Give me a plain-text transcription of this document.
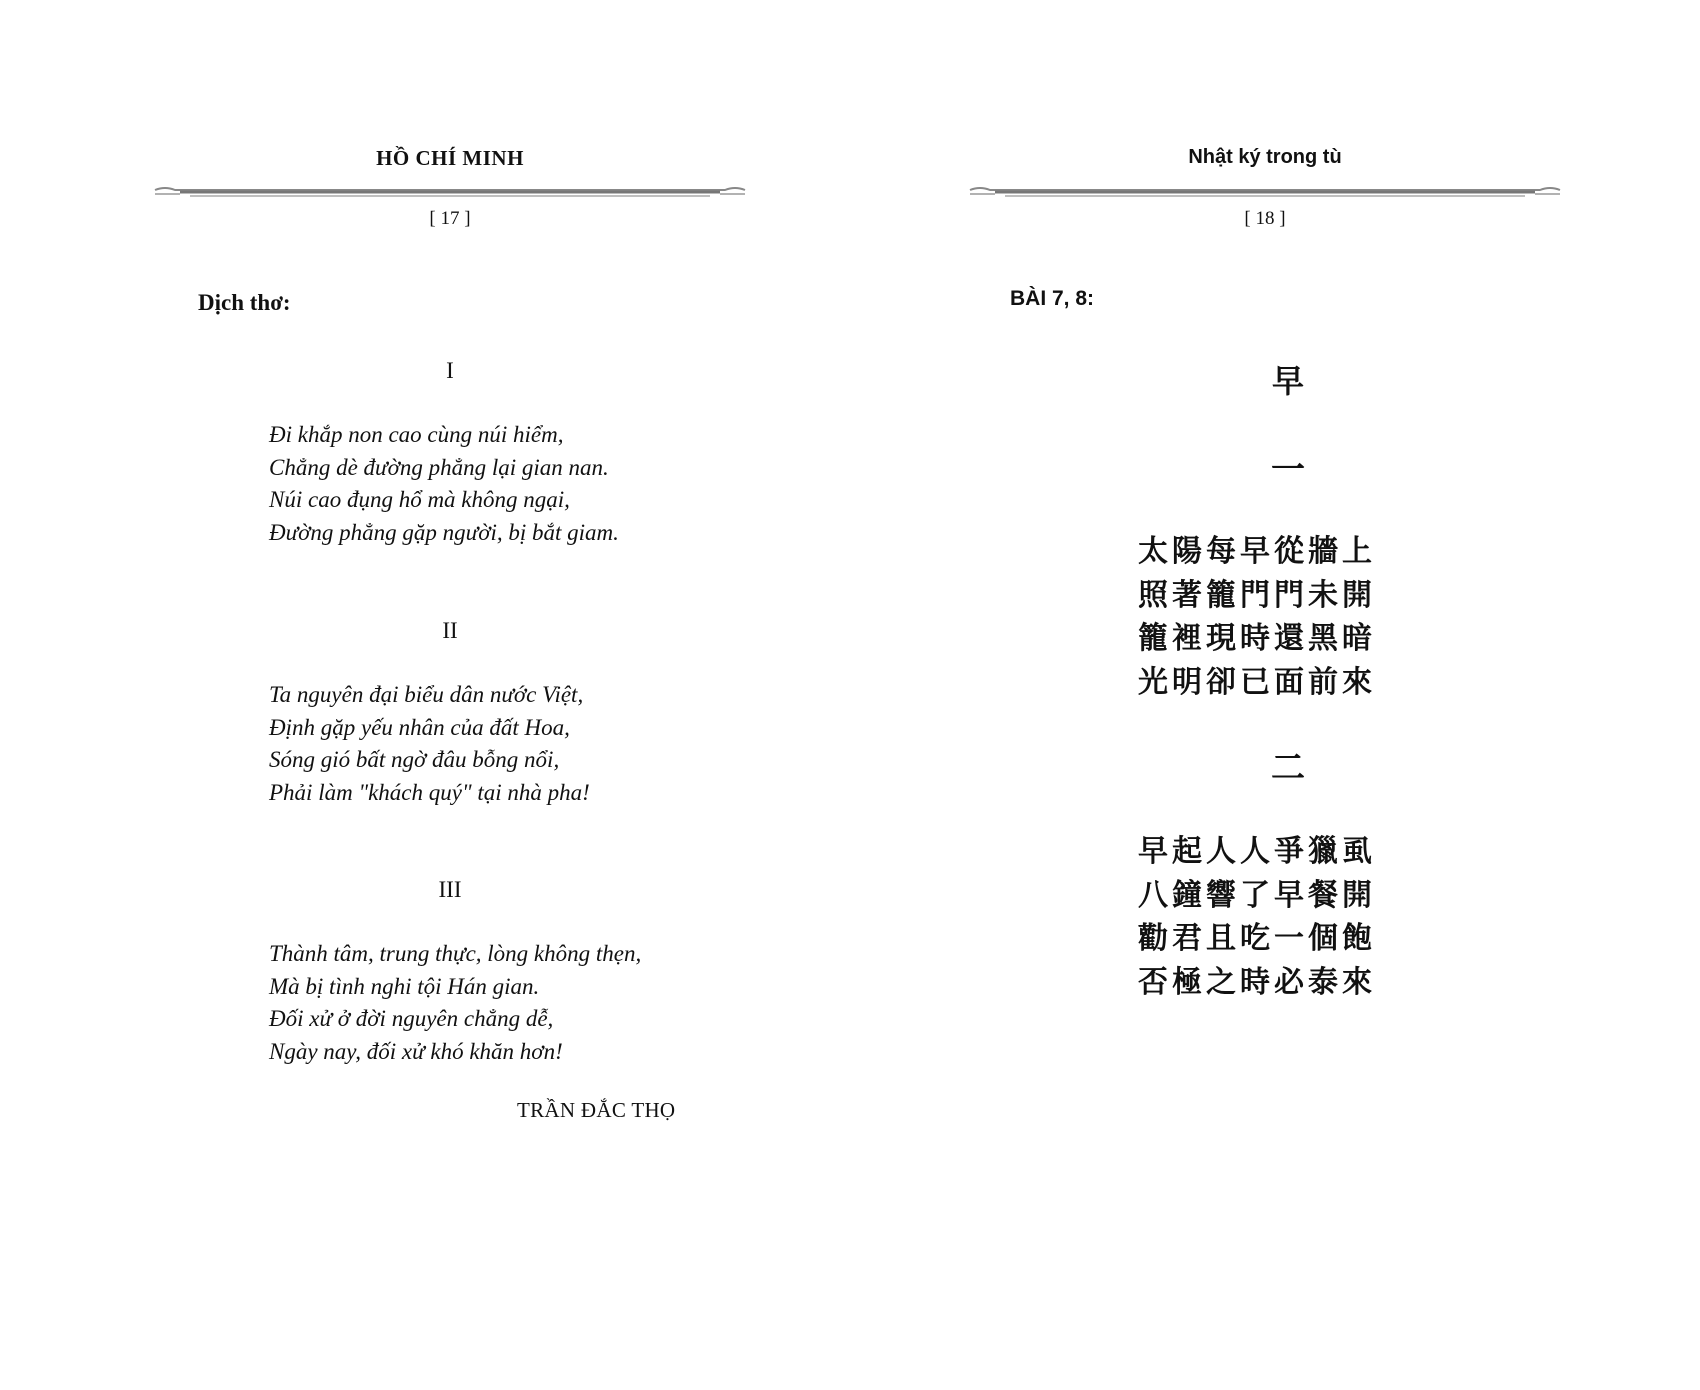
HỒ CHÍ MINH
[ 17 ]
Dịch thơ:
I
Đi khắp non cao cùng núi hiểm,
Chẳng dè đường phẳng lại gian nan.
Núi cao đụng hổ mà không ngại,
Đường phẳng gặp người, bị bắt giam.
II
Ta nguyên đại biểu dân nước Việt,
Định gặp yếu nhân của đất Hoa,
Sóng gió bất ngờ đâu bỗng nổi,
Phải làm "khách quý" tại nhà pha!
III
Thành tâm, trung thực, lòng không thẹn,
Mà bị tình nghi tội Hán gian.
Đối xử ở đời nguyên chẳng dễ,
Ngày nay, đối xử khó khăn hơn!
TRẦN ĐẮC THỌ
Nhật ký trong tù
[ 18 ]
BÀI 7, 8:
早
一
太陽每早從牆上
照著籠門門未開
籠裡現時還黑暗
光明卻已面前來
二
早起人人爭獵虱
八鐘響了早餐開
勸君且吃一個飽
否極之時必泰來
